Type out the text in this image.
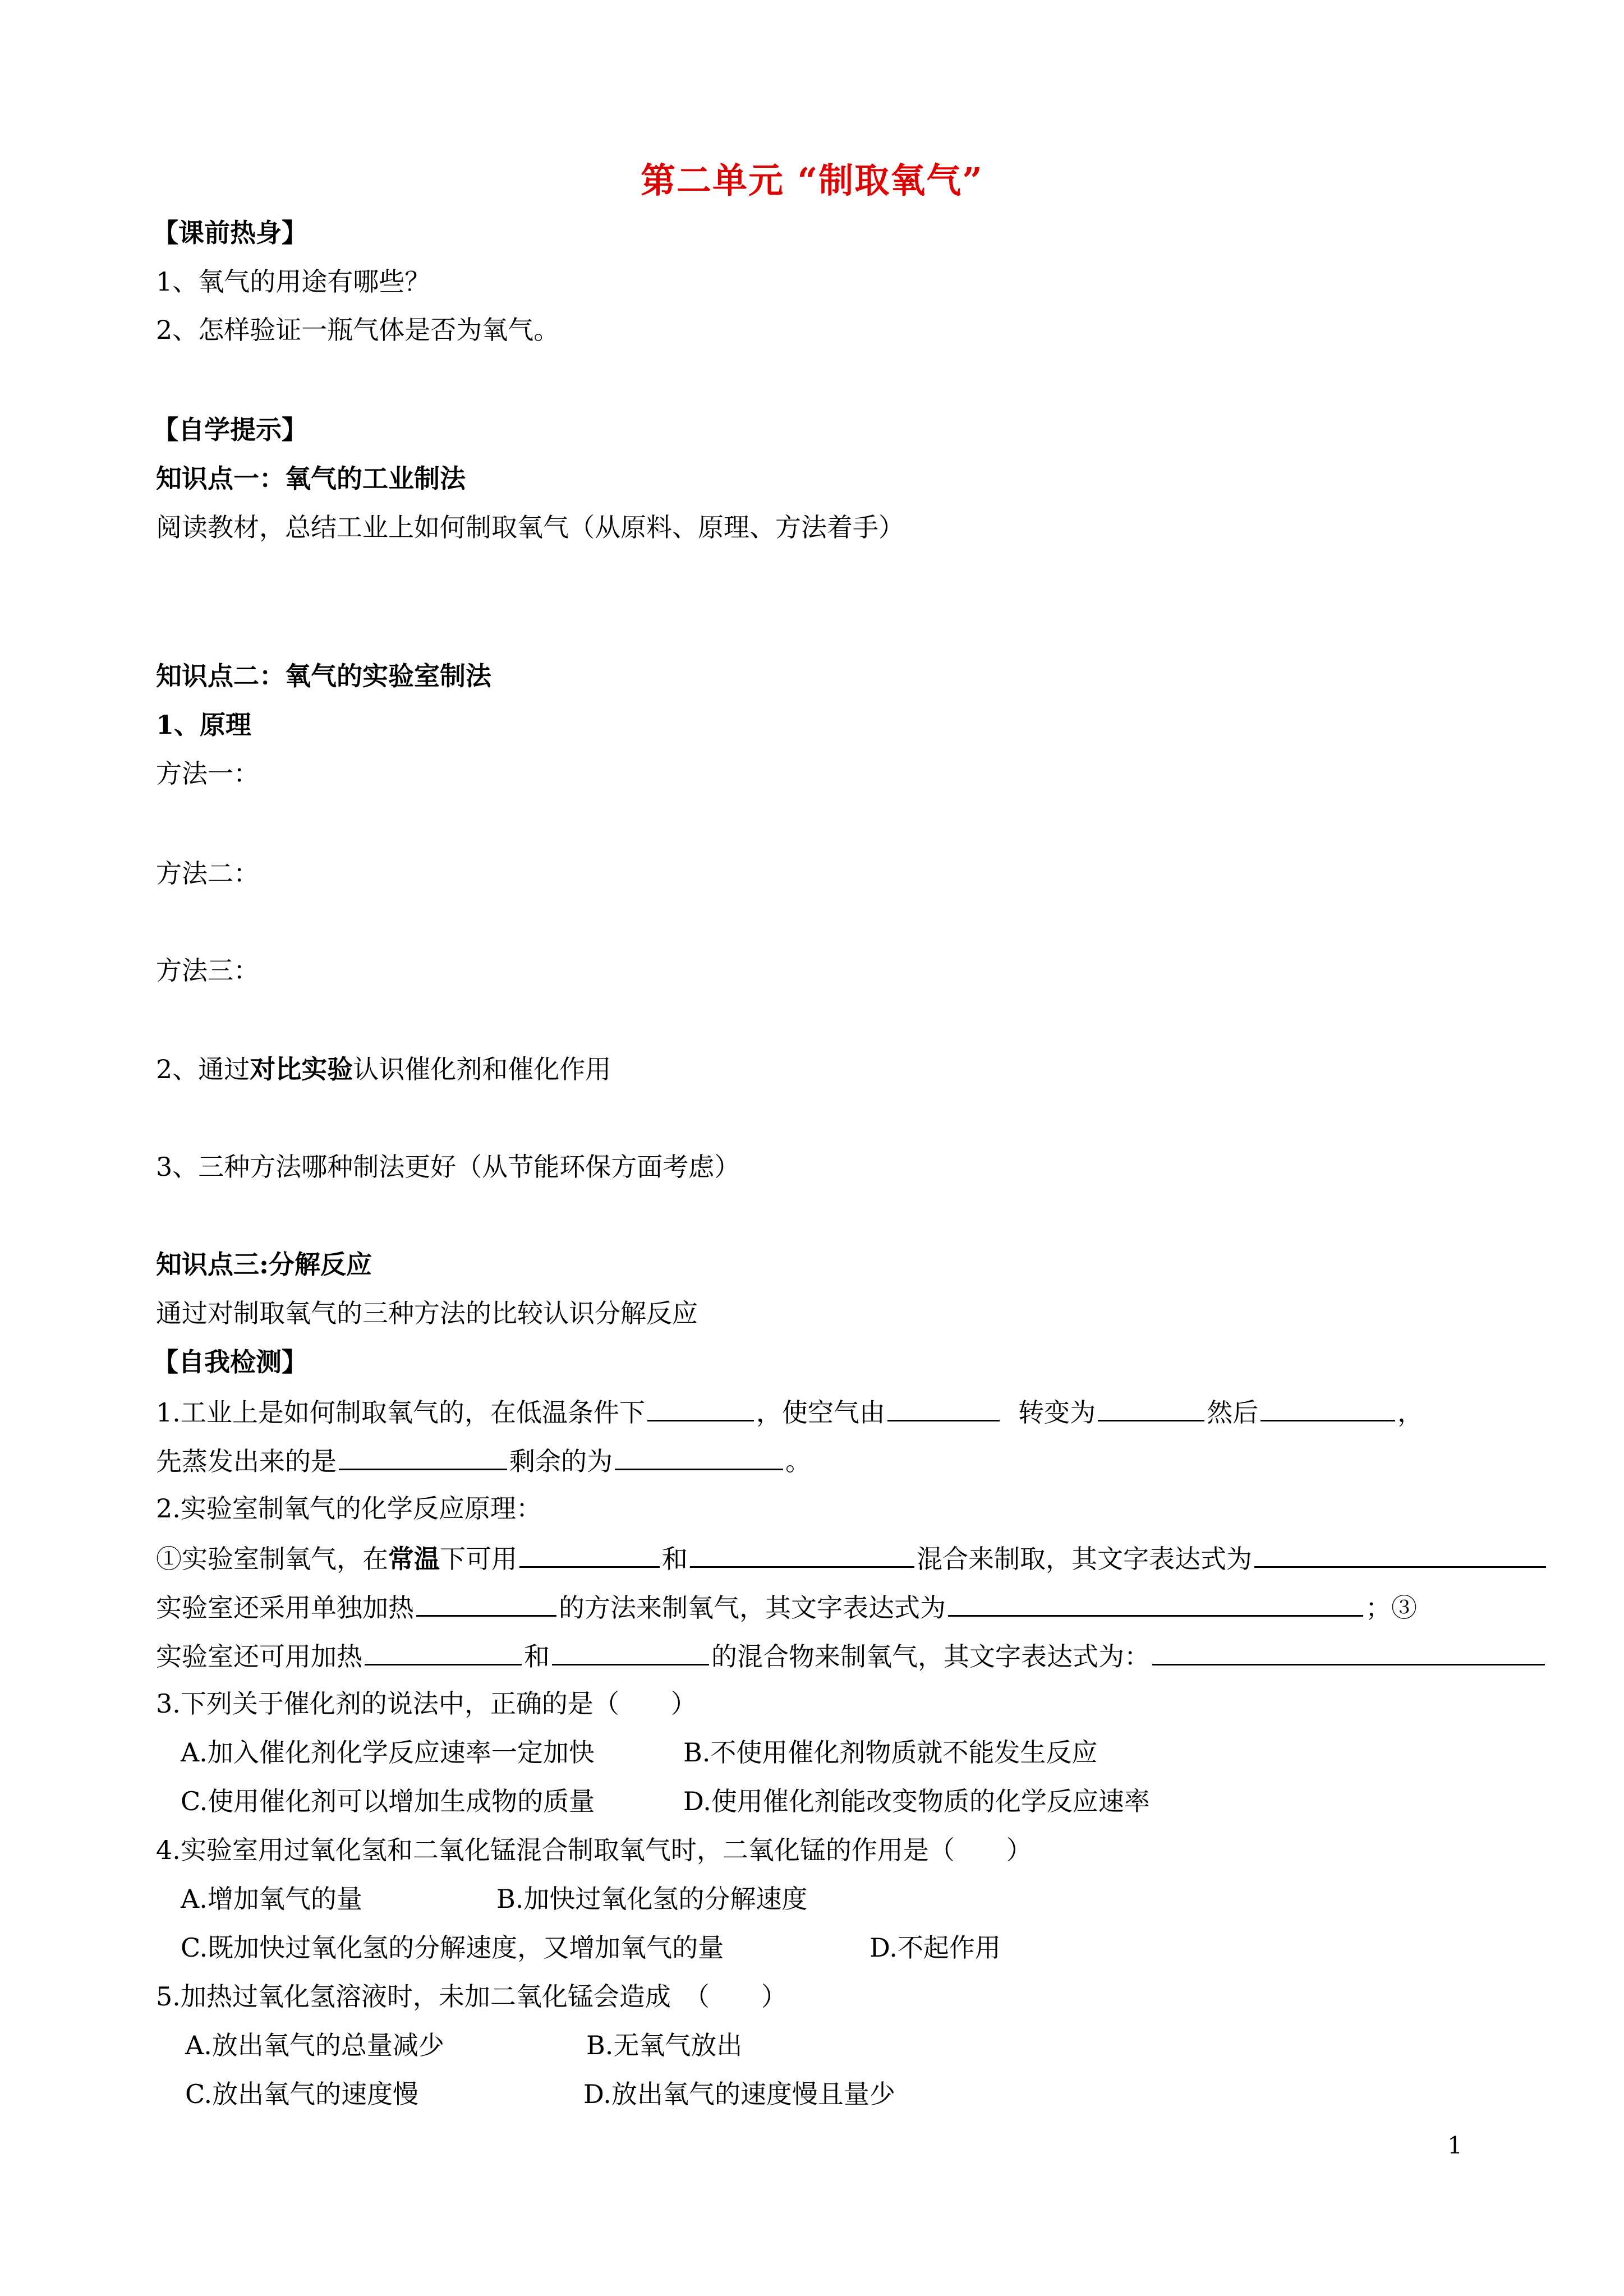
第二单元 “制取氧气”
【课前热身】
1、氧气的用途有哪些？
2、怎样验证一瓶气体是否为氧气。
【自学提示】
知识点一：氧气的工业制法
阅读教材，总结工业上如何制取氧气（从原料、原理、方法着手）
知识点二：氧气的实验室制法
1、原理
方法一：
方法二：
方法三：
2、通过对比实验认识催化剂和催化作用
3、三种方法哪种制法更好（从节能环保方面考虑）
知识点三:分解反应
通过对制取氧气的三种方法的比较认识分解反应
【自我检测】
1.工业上是如何制取氧气的，在低温条件下	，使空气由	转变为	然后	，
先蒸发出来的是	剩余的为	。
2.实验室制氧气的化学反应原理：
①实验室制氧气，在常温下可用	和	混合来制取，其文字表达式为
实验室还采用单独加热	的方法来制氧气，其文字表达式为	；③
实验室还可用加热	和	的混合物来制氧气，其文字表达式为：
3.下列关于催化剂的说法中，正确的是（　　）
A.加入催化剂化学反应速率一定加快	B.不使用催化剂物质就不能发生反应
C.使用催化剂可以增加生成物的质量	D.使用催化剂能改变物质的化学反应速率
4.实验室用过氧化氢和二氧化锰混合制取氧气时，二氧化锰的作用是（　　）
A.增加氧气的量	B.加快过氧化氢的分解速度
C.既加快过氧化氢的分解速度，又增加氧气的量	D.不起作用
5.加热过氧化氢溶液时，未加二氧化锰会造成　（　　）
A.放出氧气的总量减少	B.无氧气放出
C.放出氧气的速度慢	D.放出氧气的速度慢且量少
1
